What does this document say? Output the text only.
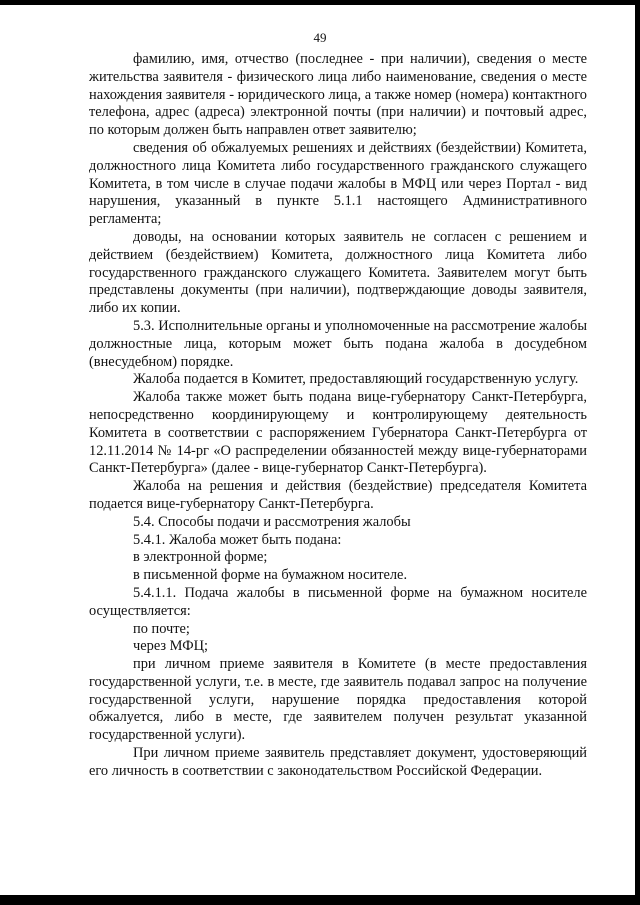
49

фамилию, имя, отчество (последнее - при наличии), сведения о месте жительства заявителя - физического лица либо наименование, сведения о месте нахождения заявителя - юридического лица, а также номер (номера) контактного телефона, адрес (адреса) электронной почты (при наличии) и почтовый адрес, по которым должен быть направлен ответ заявителю;

сведения об обжалуемых решениях и действиях (бездействии) Комитета, должностного лица Комитета либо государственного гражданского служащего Комитета, в том числе в случае подачи жалобы в МФЦ или через Портал - вид нарушения, указанный в пункте 5.1.1 настоящего Административного регламента;

доводы, на основании которых заявитель не согласен с решением и действием (бездействием) Комитета, должностного лица Комитета либо государственного гражданского служащего Комитета. Заявителем могут быть представлены документы (при наличии), подтверждающие доводы заявителя, либо их копии.

5.3. Исполнительные органы и уполномоченные на рассмотрение жалобы должностные лица, которым может быть подана жалоба в досудебном (внесудебном) порядке.

Жалоба подается в Комитет, предоставляющий государственную услугу.

Жалоба также может быть подана вице-губернатору Санкт-Петербурга, непосредственно координирующему и контролирующему деятельность Комитета в соответствии с распоряжением Губернатора Санкт-Петербурга от 12.11.2014 № 14-рг «О распределении обязанностей между вице-губернаторами Санкт-Петербурга» (далее - вице-губернатор Санкт-Петербурга).

Жалоба на решения и действия (бездействие) председателя Комитета подается вице-губернатору Санкт-Петербурга.

5.4. Способы подачи и рассмотрения жалобы

5.4.1. Жалоба может быть подана:

в электронной форме;

в письменной форме на бумажном носителе.

5.4.1.1. Подача жалобы в письменной форме на бумажном носителе осуществляется:

по почте;

через МФЦ;

при личном приеме заявителя в Комитете (в месте предоставления государственной услуги, т.е. в месте, где заявитель подавал запрос на получение государственной услуги, нарушение порядка предоставления которой обжалуется, либо в месте, где заявителем получен результат указанной государственной услуги).

При личном приеме заявитель представляет документ, удостоверяющий его личность в соответствии с законодательством Российской Федерации.
